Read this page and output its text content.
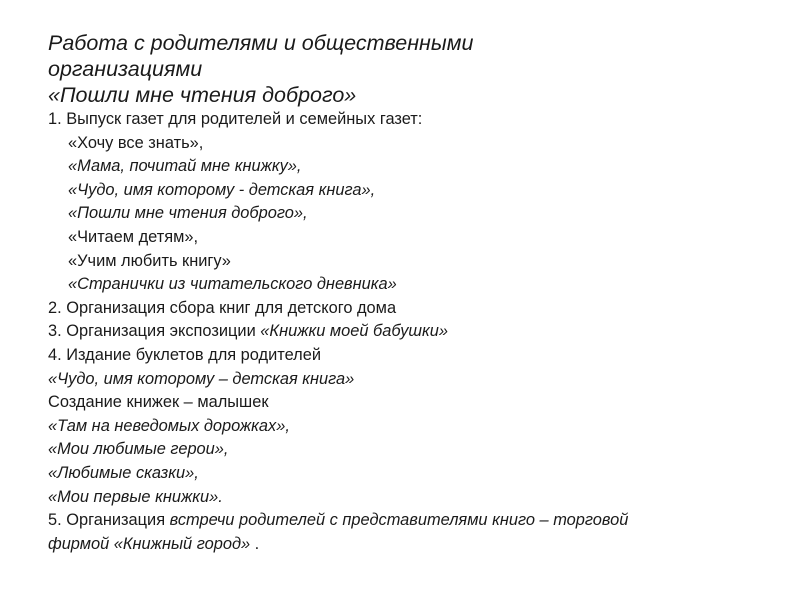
Работа с родителями и общественными
организациями
«Пошли мне чтения доброго»
1. Выпуск газет для родителей и семейных газет:
«Хочу все знать»,
«Мама, почитай мне книжку»,
«Чудо, имя которому - детская книга»,
«Пошли мне чтения доброго»,
«Читаем детям»,
«Учим любить книгу»
«Странички из читательского дневника»
2. Организация сбора книг для детского дома
3. Организация экспозиции «Книжки моей бабушки»
4. Издание буклетов для родителей
«Чудо, имя которому – детская книга»
Создание книжек – малышек
«Там на неведомых дорожках»,
«Мои любимые герои»,
«Любимые сказки»,
«Мои первые книжки».
5. Организация встречи родителей с представителями книго – торговой
фирмой «Книжный город» .
